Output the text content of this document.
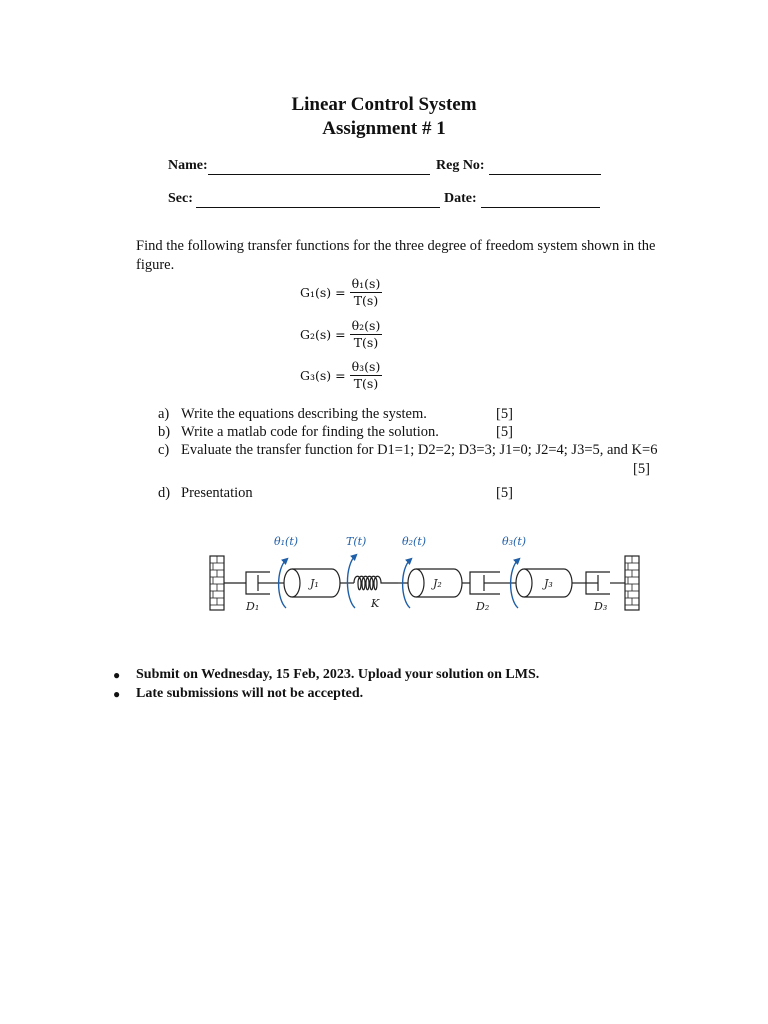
Linear Control System
Assignment # 1
Name:	Reg No:
Sec:	Date:
Find the following transfer functions for the three degree of freedom system shown in the figure.
$G_1(s) = \frac{\text{θ₁(s)}}{T(s)}$
$G_2(s) = \frac{\text{θ₂(s)}}{T(s)}$
$G_3(s) = \frac{\text{θ₃(s)}}{T(s)}$
a) Write the equations describing the system.	[5]
b) Write a matlab code for finding the solution.	[5]
c) Evaluate the transfer function for D1=1; D2=2; D3=3; J1=0; J2=4; J3=5, and K=6
[5]
d) Presentation	[5]
θ₁(t)	T(t)	θ₂(t)	θ₃(t)
J₁	J₂	J₃
K
D₁	D₂	D₃
● Submit on Wednesday, 15 Feb, 2023. Upload your solution on LMS.
● Late submissions will not be accepted.
